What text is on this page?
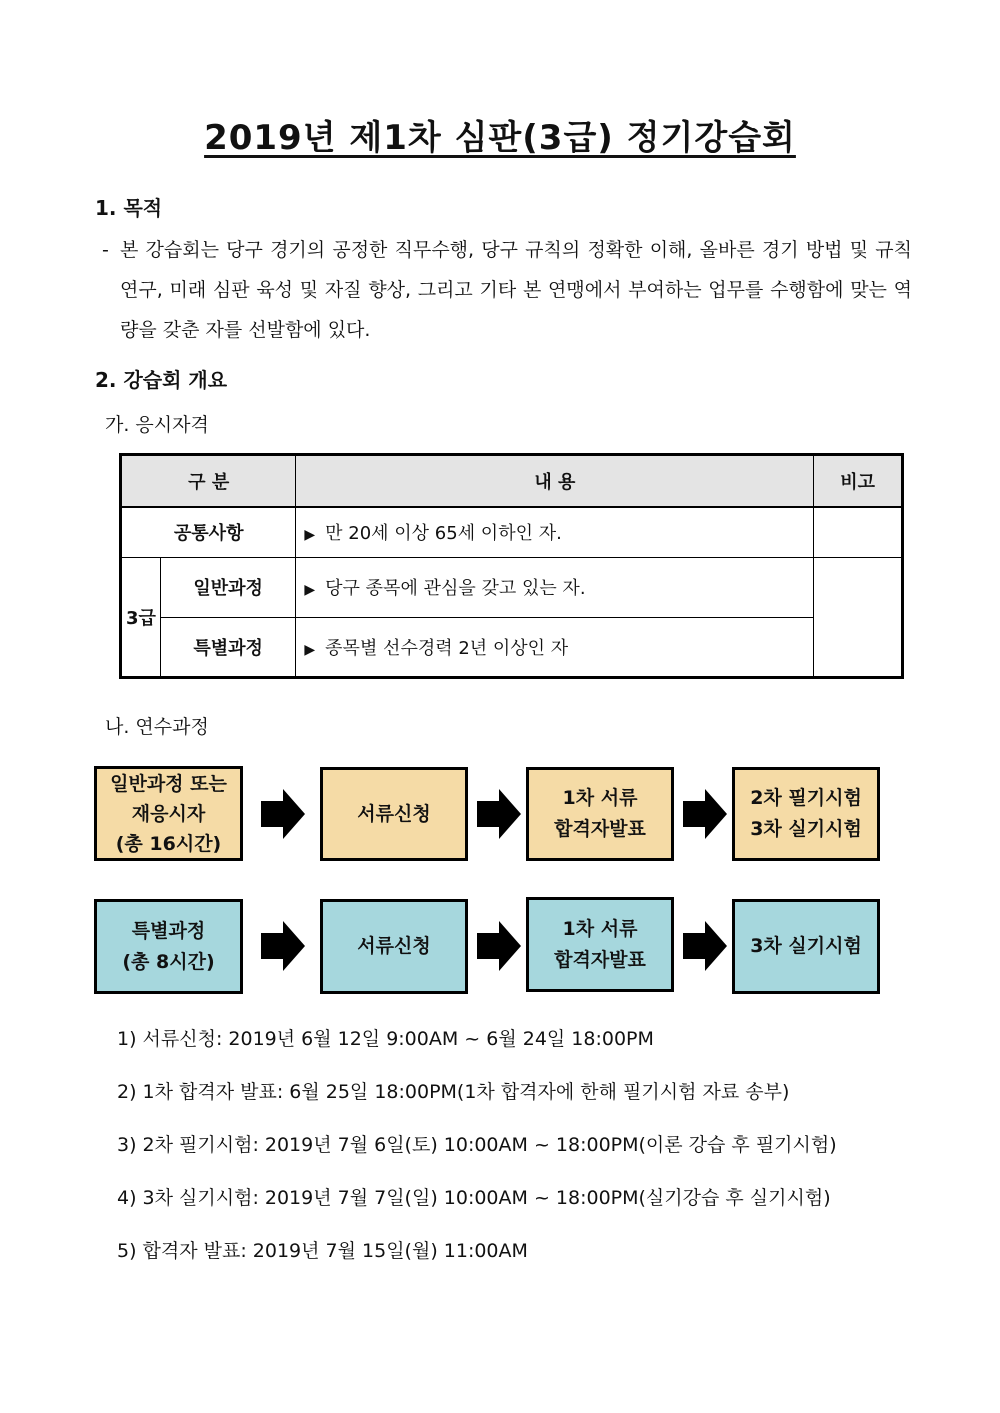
2019년 제1차 심판(3급) 정기강습회
1. 목적
- 본 강습회는 당구 경기의 공정한 직무수행, 당구 규칙의 정확한 이해, 올바른 경기 방법 및 규칙 연구, 미래 심판 육성 및 자질 향상, 그리고 기타 본 연맹에서 부여하는 업무를 수행함에 맞는 역량을 갖춘 자를 선발함에 있다.
2. 강습회 개요
가. 응시자격
구 분		내 용	비고
공통사항		▶ 만 20세 이상 65세 이하인 자.	
3급	일반과정	▶ 당구 종목에 관심을 갖고 있는 자.	
	특별과정	▶ 종목별 선수경력 2년 이상인 자	
나. 연수과정
일반과정 또는
재응시자
(총 16시간)
서류신청
1차 서류
합격자발표
2차 필기시험
3차 실기시험
특별과정
(총 8시간)
서류신청
1차 서류
합격자발표
3차 실기시험
1) 서류신청: 2019년 6월 12일 9:00AM ~ 6월 24일 18:00PM
2) 1차 합격자 발표: 6월 25일 18:00PM(1차 합격자에 한해 필기시험 자료 송부)
3) 2차 필기시험: 2019년 7월 6일(토) 10:00AM ~ 18:00PM(이론 강습 후 필기시험)
4) 3차 실기시험: 2019년 7월 7일(일) 10:00AM ~ 18:00PM(실기강습 후 실기시험)
5) 합격자 발표: 2019년 7월 15일(월) 11:00AM
